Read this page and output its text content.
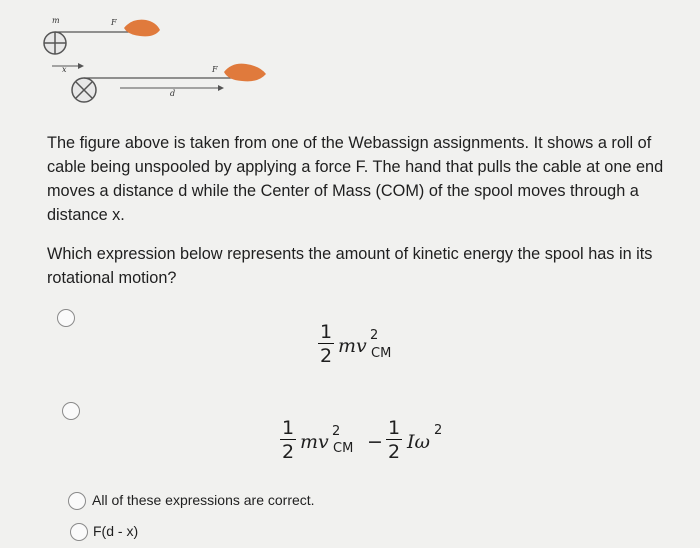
m	F
x	F
d
The figure above is taken from one of the Webassign assignments. It shows a roll of cable being unspooled by applying a force F. The hand that pulls the cable at one end moves a distance d while the Center of Mass (COM) of the spool moves through a distance x.
Which expression below represents the amount of kinetic energy the spool has in its rotational motion?
1
2 mv 2
CM
1
2 mv 2
CM −
1
2 Iω
2
All of these expressions are correct.
F(d - x)
